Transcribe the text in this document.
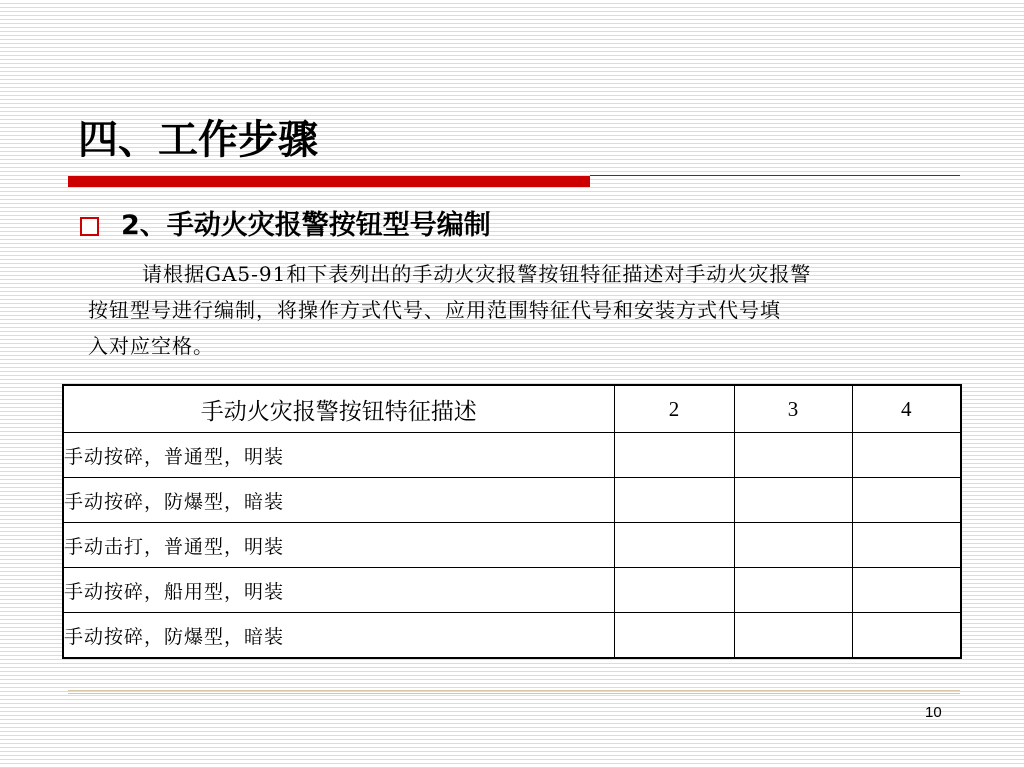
四、工作步骤
2、手动火灾报警按钮型号编制
请根据GA5-91和下表列出的手动火灾报警按钮特征描述对手动火灾报警
按钮型号进行编制，将操作方式代号、应用范围特征代号和安装方式代号填
入对应空格。
手动火灾报警按钮特征描述	2	3	4
手动按碎，普通型，明装			
手动按碎，防爆型，暗装			
手动击打，普通型，明装			
手动按碎，船用型，明装			
手动按碎，防爆型，暗装			
10
